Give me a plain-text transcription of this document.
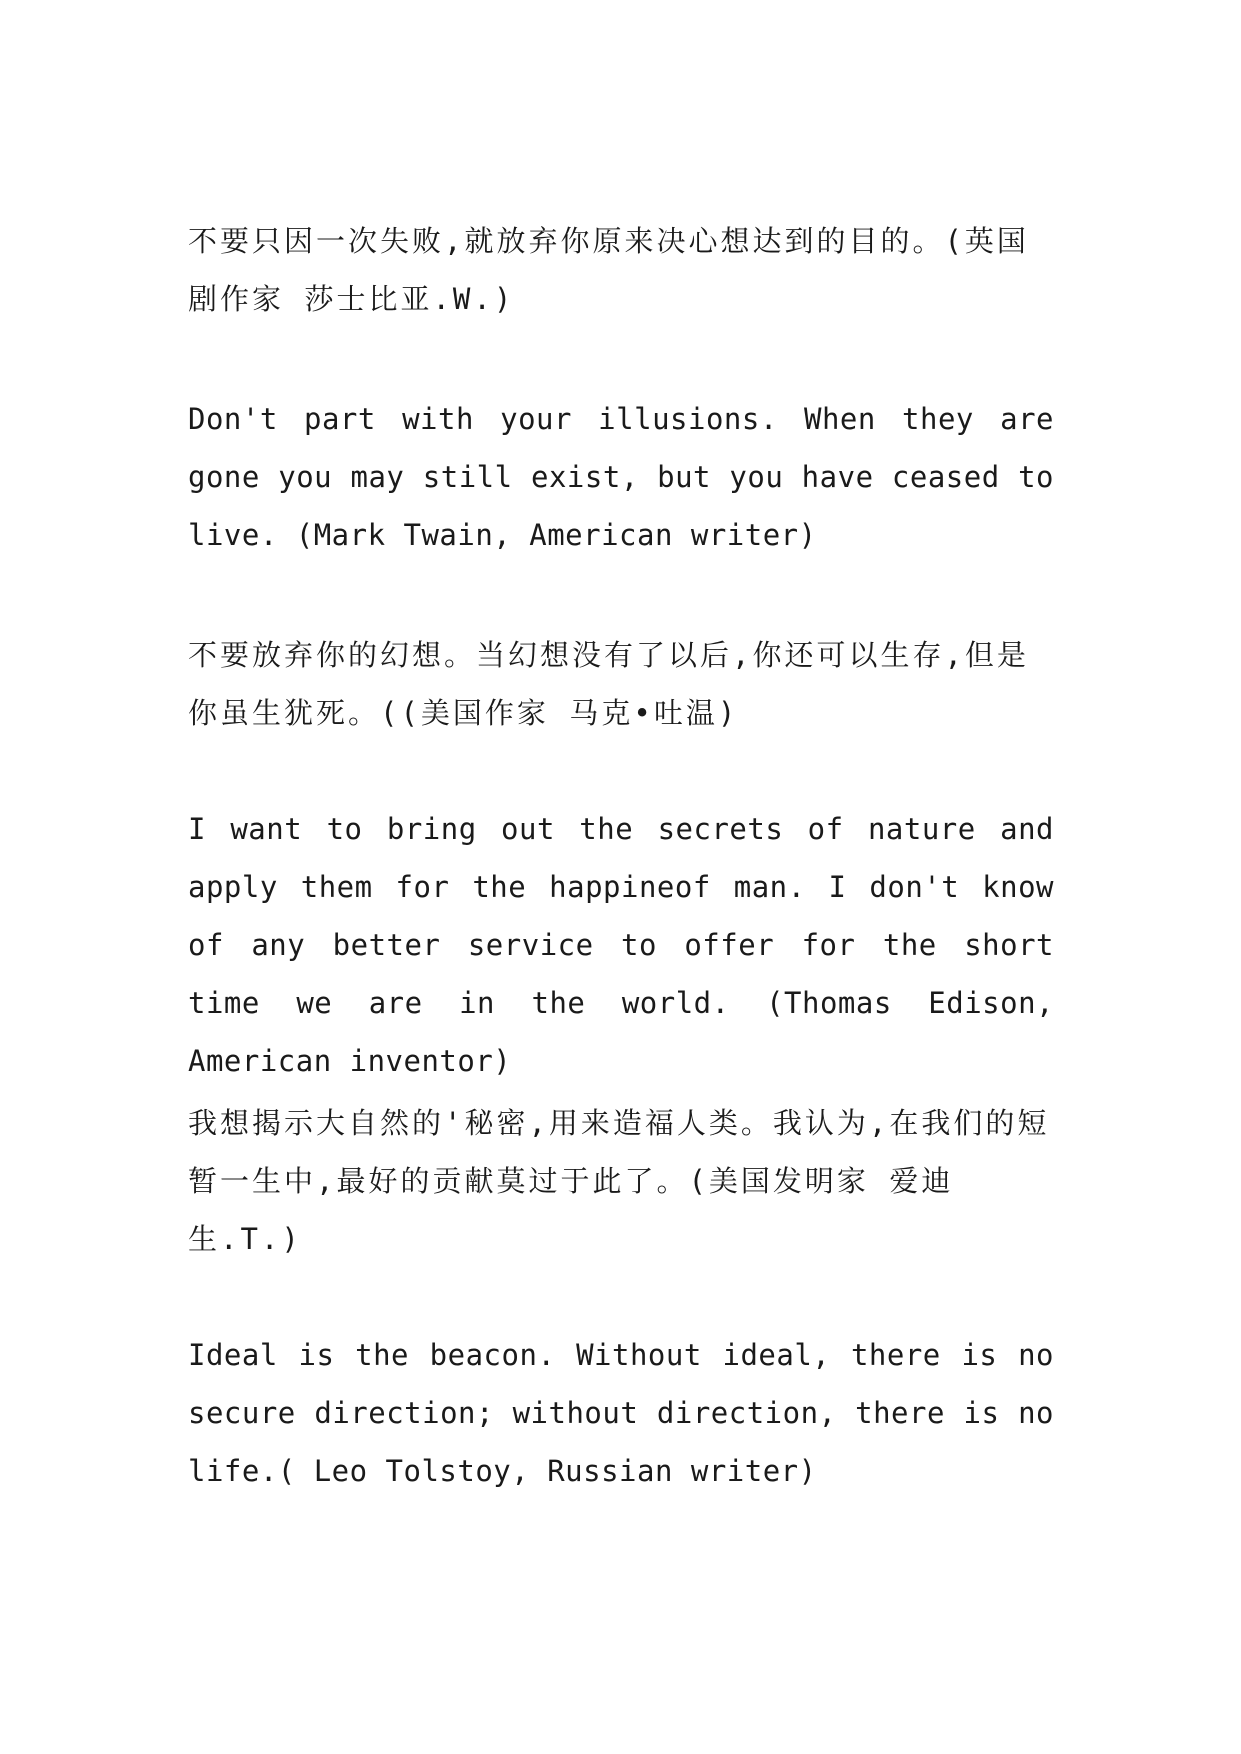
不要只因一次失败,就放弃你原来决心想达到的目的。(英国剧作家 莎士比亚.W.)

Don't part with your illusions. When they are gone you may still exist, but you have ceased to live. (Mark Twain, American writer)

不要放弃你的幻想。当幻想没有了以后,你还可以生存,但是你虽生犹死。((美国作家 马克•吐温)

I want to bring out the secrets of nature and apply them for the happineof man. I don't know of any better service to offer for the short time we are in the world. (Thomas Edison, American inventor)

我想揭示大自然的'秘密,用来造福人类。我认为,在我们的短暂一生中,最好的贡献莫过于此了。(美国发明家 爱迪生.T.)

Ideal is the beacon. Without ideal, there is no secure direction; without direction, there is no life.( Leo Tolstoy, Russian writer)
